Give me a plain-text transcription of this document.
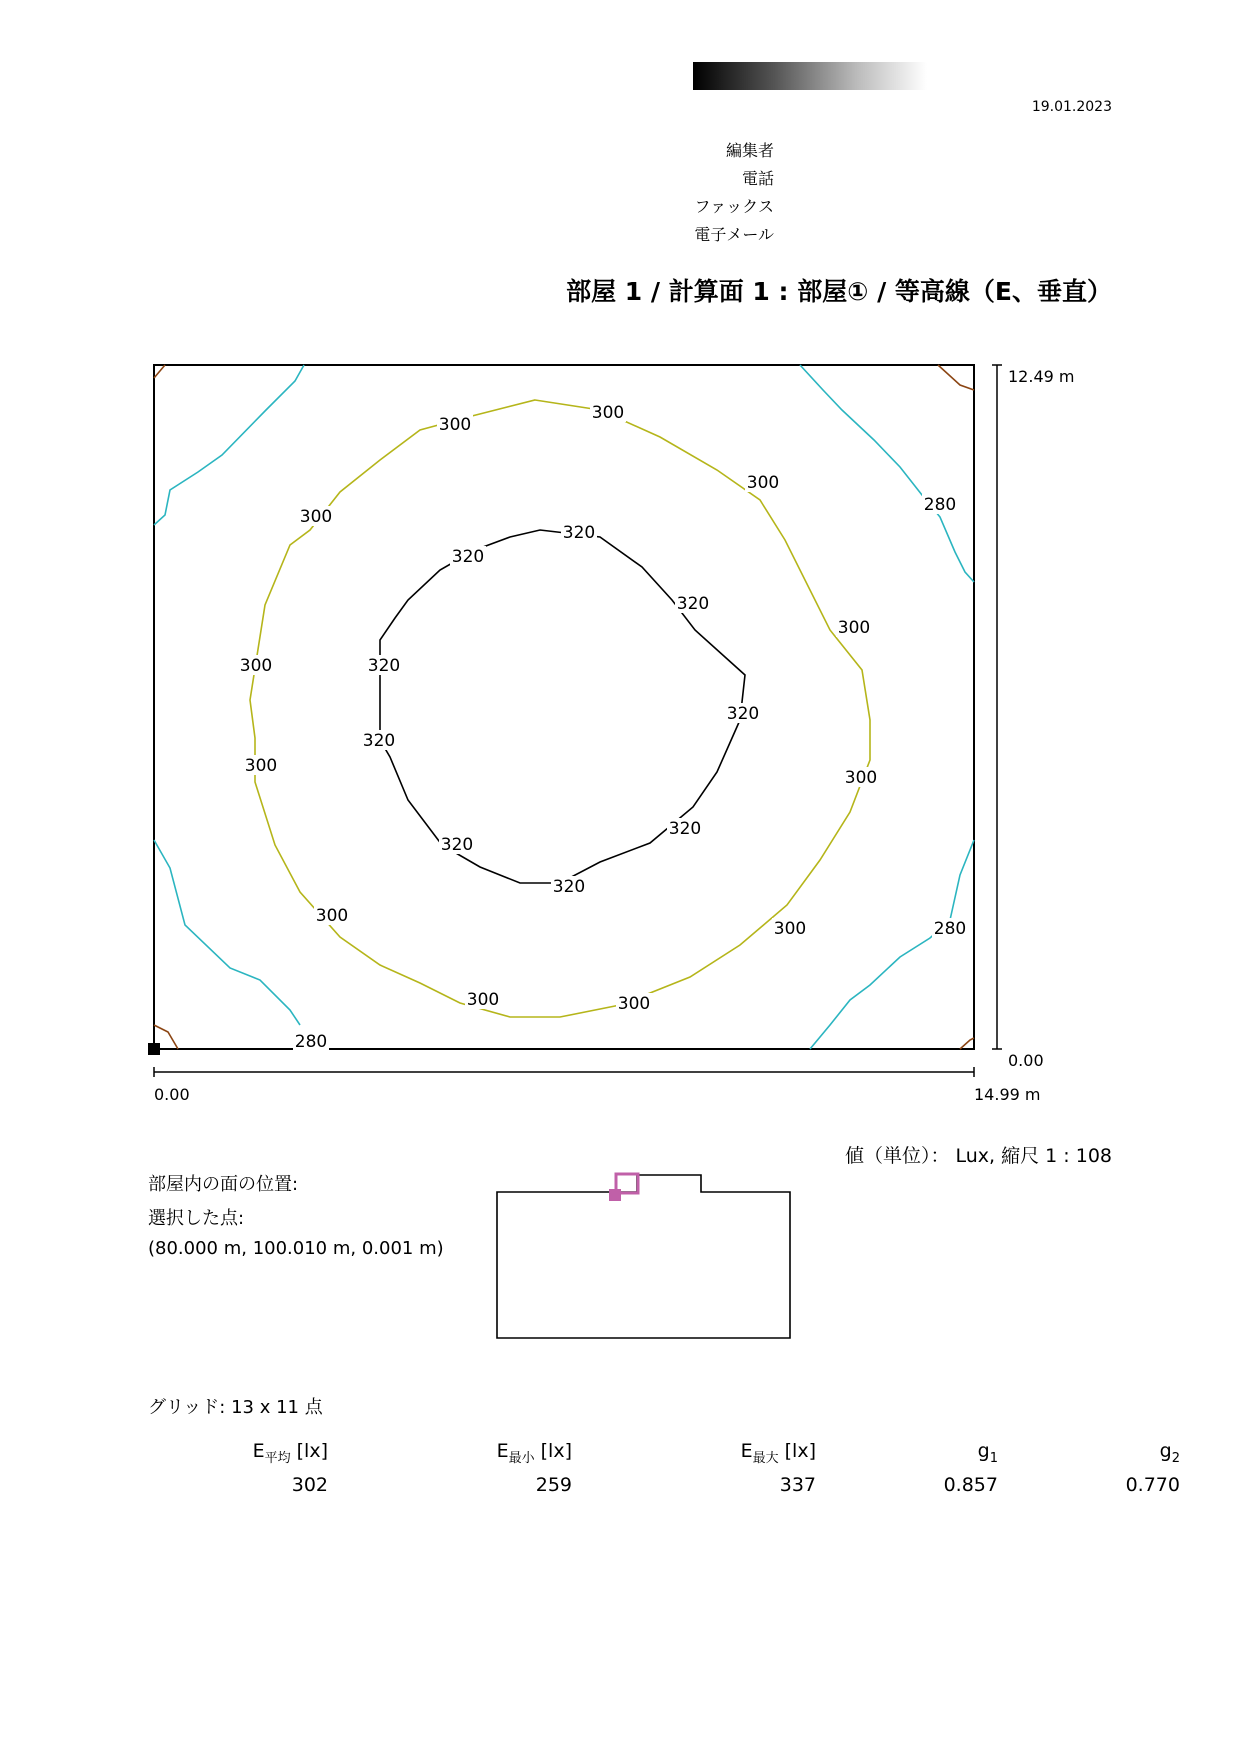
19.01.2023
編集者
電話
ファックス
電子メール
部屋 1 / 計算面 1 : 部屋① / 等高線（E、垂直）
320
320
320
320
320
320
320
320
320
300
300
300
300
300
300
300
300
300
300
300	300
280
280
280
12.49 m
0.00
0.00	14.99 m
値（単位）： Lux, 縮尺 1 : 108
部屋内の面の位置:
選択した点:
(80.000 m, 100.010 m, 0.001 m)
グリッド: 13 x 11 点
$E_{平均}$ [lx]	$E_{最小}$ [lx]	$E_{最大}$ [lx]	$g_1$	$g_2$
302	259	337	0.857	0.770
